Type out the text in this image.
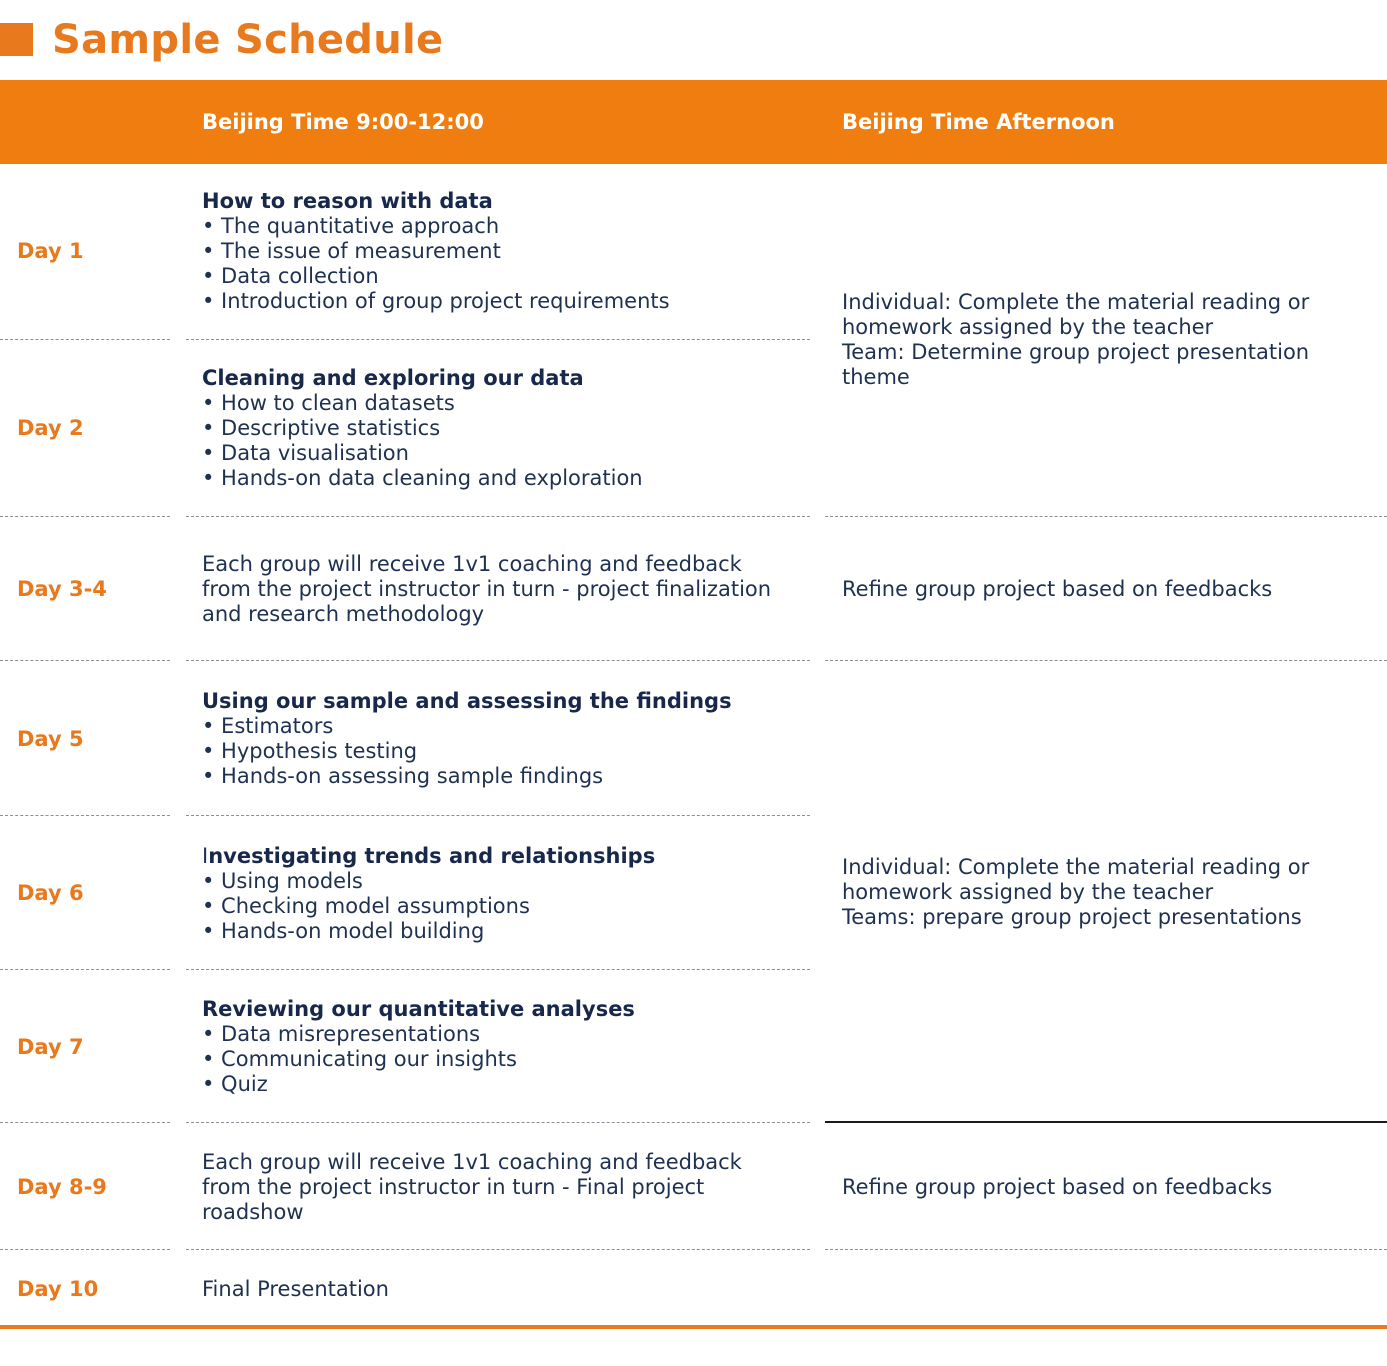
Sample Schedule
Beijing Time 9:00-12:00	Beijing Time Afternoon
Day 1
Day 2
Day 3-4
Day 5
Day 6
Day 7
Day 8-9
Day 10
How to reason with data
• The quantitative approach
• The issue of measurement
• Data collection
• Introduction of group project requirements
Cleaning and exploring our data
• How to clean datasets
• Descriptive statistics
• Data visualisation
• Hands-on data cleaning and exploration
Each group will receive 1v1 coaching and feedback
from the project instructor in turn - project finalization
and research methodology
Using our sample and assessing the findings
• Estimators
• Hypothesis testing
• Hands-on assessing sample findings
Investigating trends and relationships
• Using models
• Checking model assumptions
• Hands-on model building
Reviewing our quantitative analyses
• Data misrepresentations
• Communicating our insights
• Quiz
Each group will receive 1v1 coaching and feedback
from the project instructor in turn - Final project
roadshow
Final Presentation
Individual: Complete the material reading or
homework assigned by the teacher
Team: Determine group project presentation
theme
Refine group project based on feedbacks
Individual: Complete the material reading or
homework assigned by the teacher
Teams: prepare group project presentations
Refine group project based on feedbacks
